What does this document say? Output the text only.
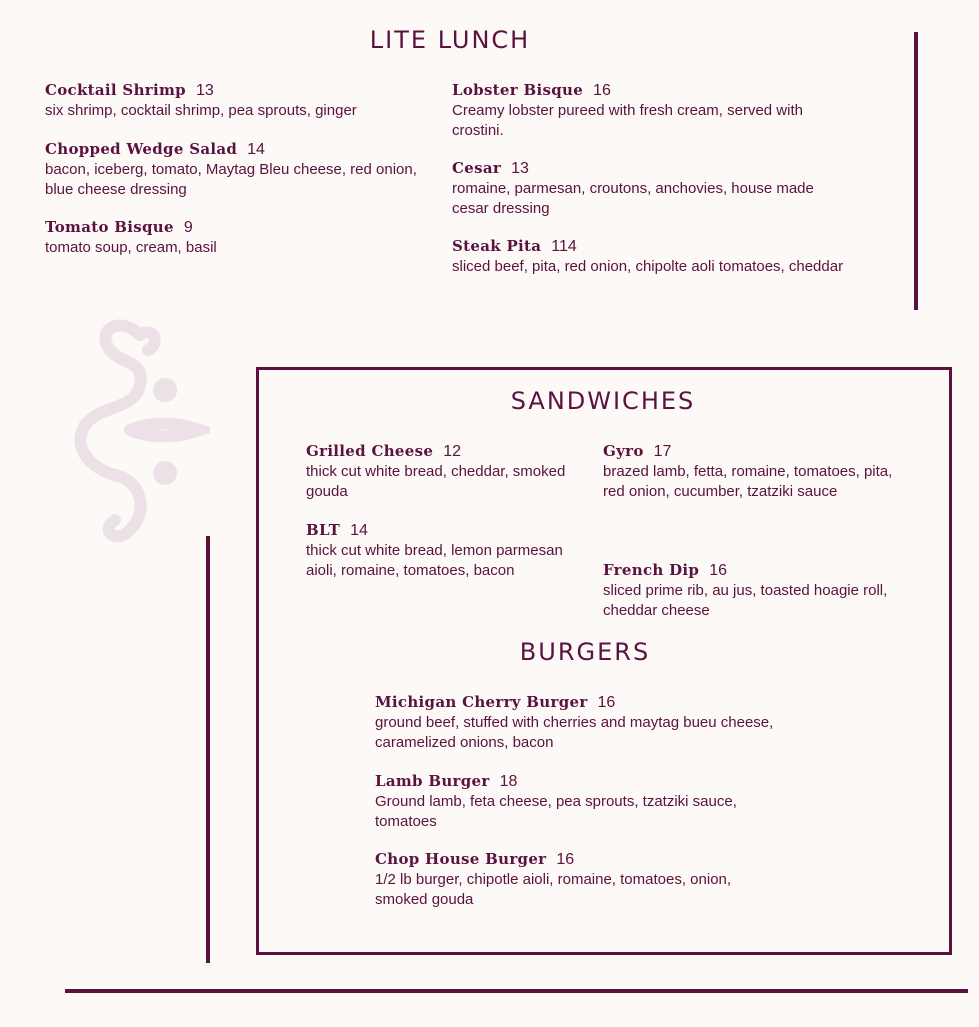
LITE LUNCH
Cocktail Shrimp 13
six shrimp, cocktail shrimp, pea sprouts, ginger
Chopped Wedge Salad 14
bacon, iceberg, tomato, Maytag Bleu cheese, red onion, blue cheese dressing
Tomato Bisque 9
tomato soup, cream, basil
Lobster Bisque 16
Creamy lobster pureed with fresh cream, served with crostini.
Cesar 13
romaine, parmesan, croutons, anchovies, house made cesar dressing
Steak Pita 114
sliced beef, pita, red onion, chipolte aoli tomatoes, cheddar
SANDWICHES
Grilled Cheese 12
thick cut white bread, cheddar, smoked gouda
Gyro 17
brazed lamb, fetta, romaine, tomatoes, pita, red onion, cucumber, tzatziki sauce
BLT 14
thick cut white bread, lemon parmesan aioli, romaine, tomatoes, bacon	French Dip 16
sliced prime rib, au jus, toasted hoagie roll, cheddar cheese
BURGERS
Michigan Cherry Burger 16
ground beef, stuffed with cherries and maytag bueu cheese, caramelized onions, bacon
Lamb Burger 18
Ground lamb, feta cheese, pea sprouts, tzatziki sauce, tomatoes
Chop House Burger 16
1/2 lb burger, chipotle aioli, romaine, tomatoes, onion, smoked gouda
